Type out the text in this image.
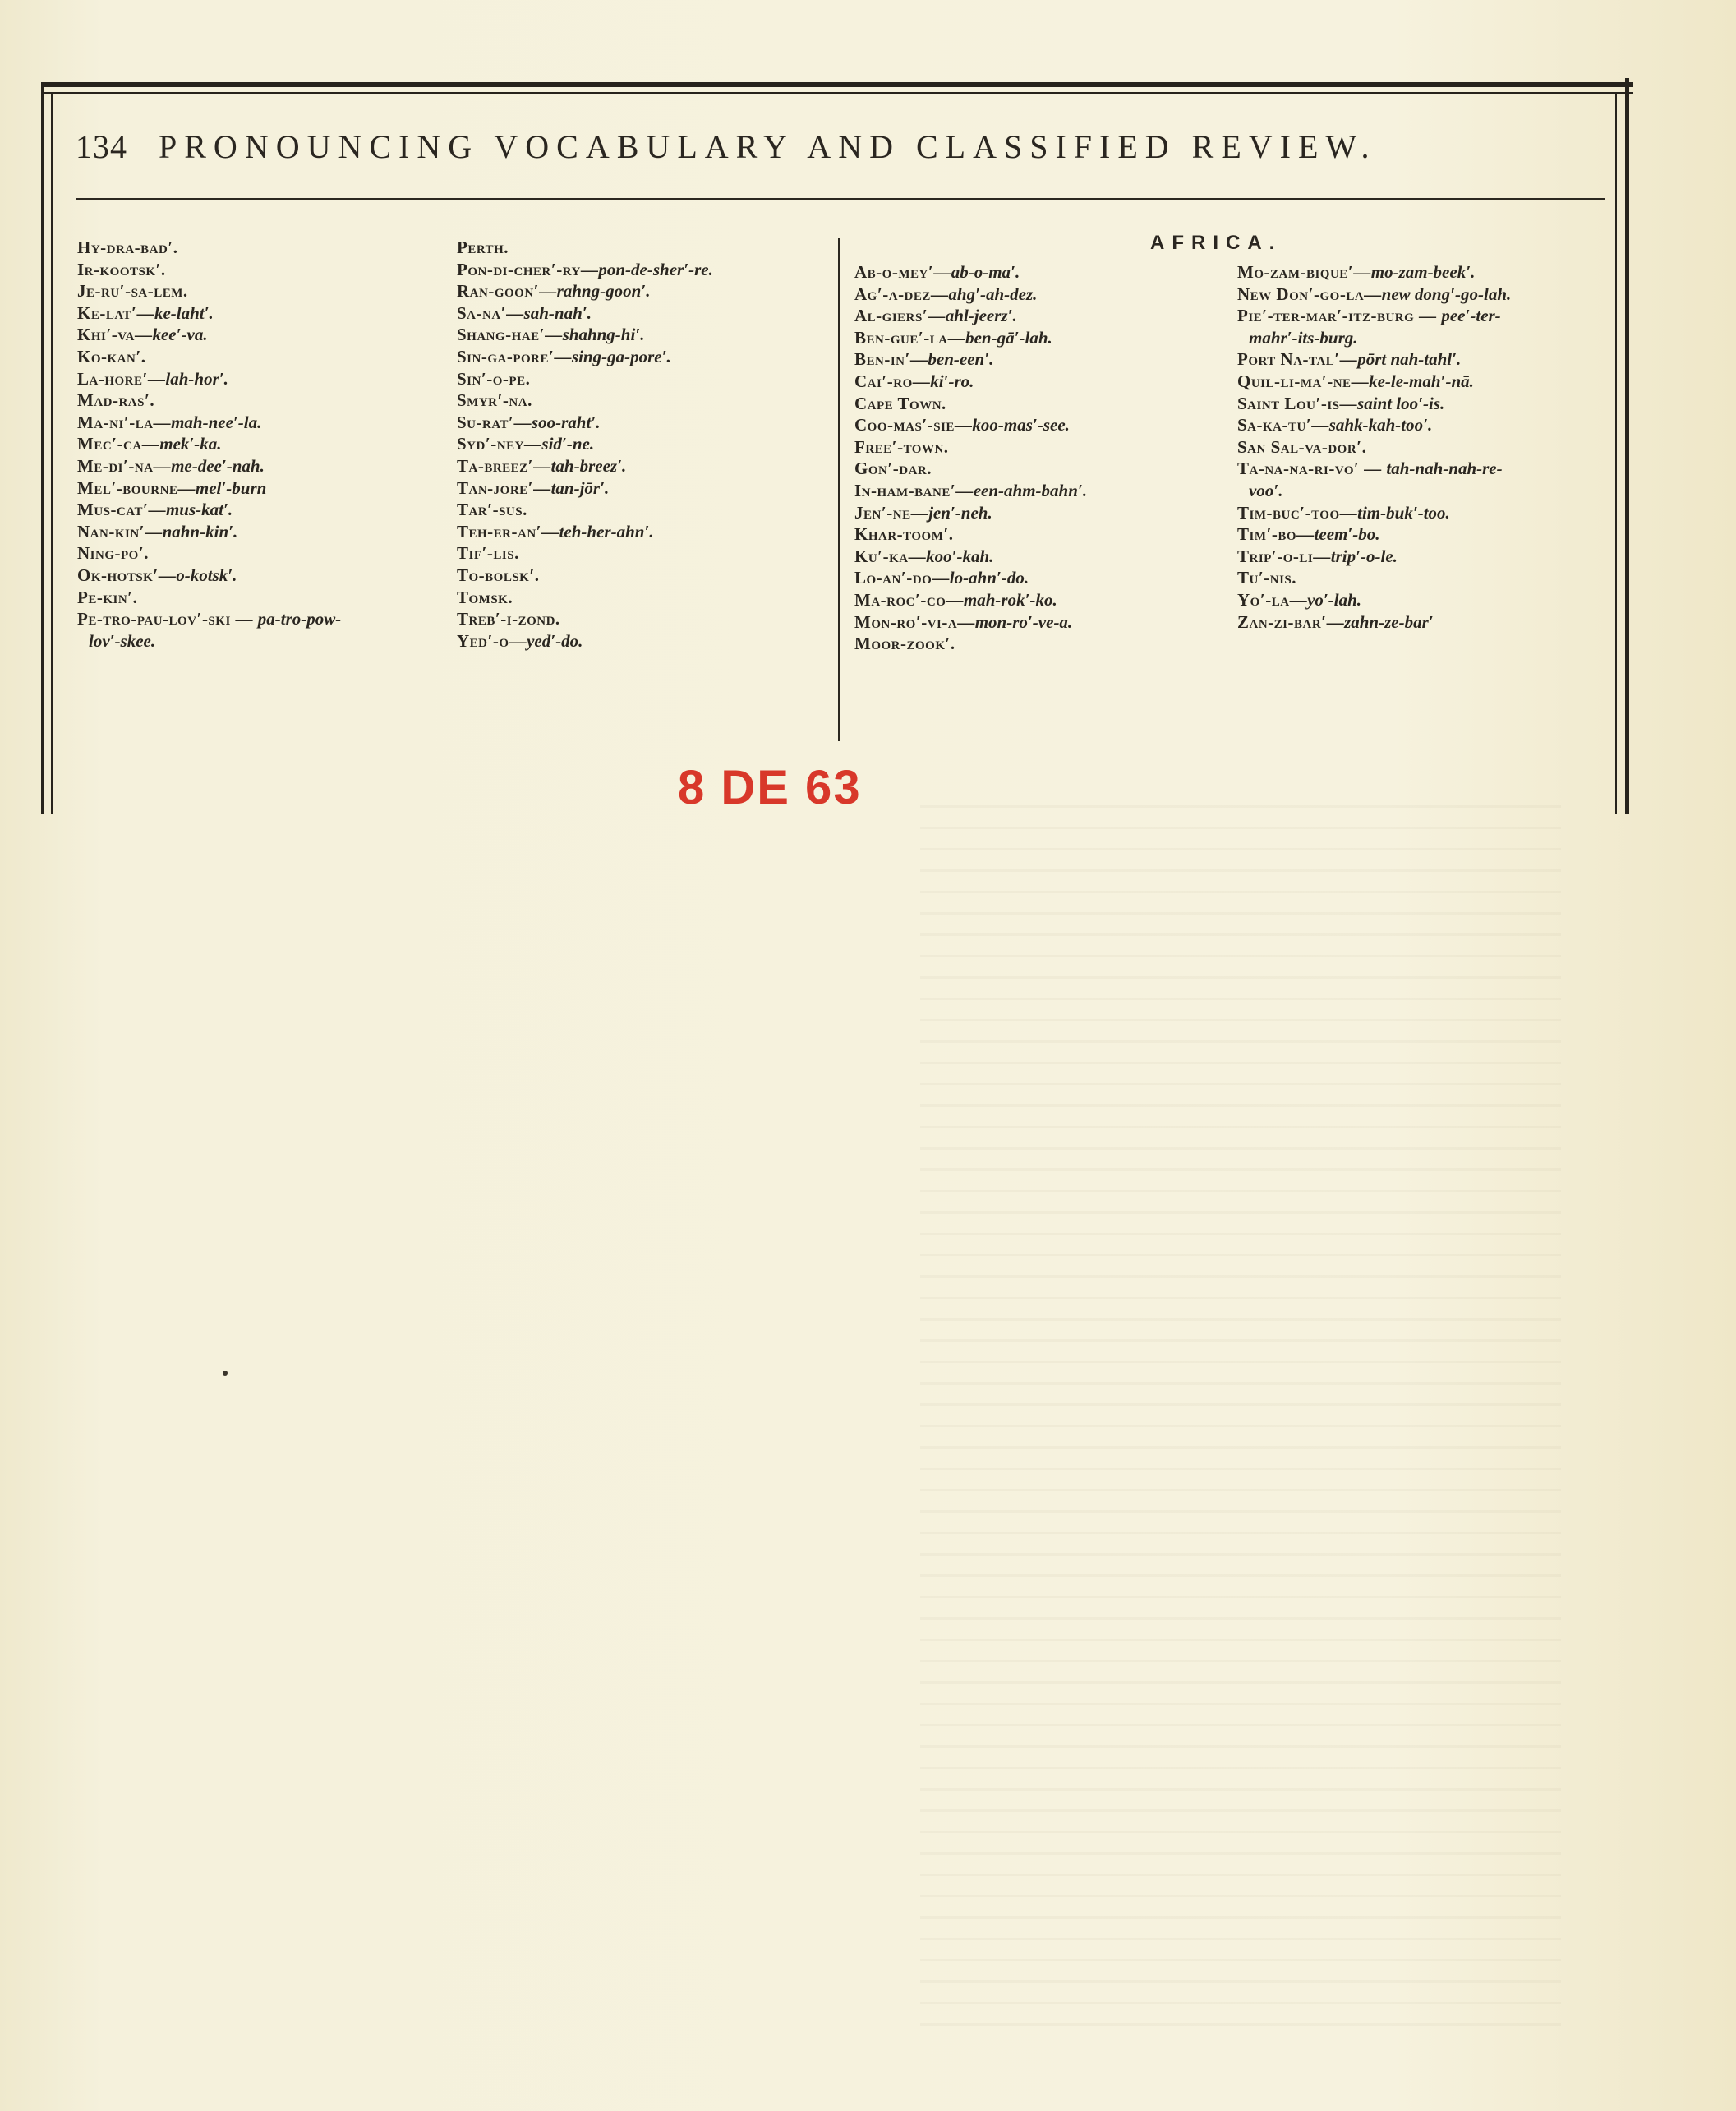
134 PRONOUNCING VOCABULARY AND CLASSIFIED REVIEW.
AFRICA.
Hy-dra-bad′.
Ir-kootsk′.
Je-ru′-sa-lem.
Ke-lat′—ke-laht′.
Khi′-va—kee′-va.
Ko-kan′.
La-hore′—lah-hor′.
Mad-ras′.
Ma-ni′-la—mah-nee′-la.
Mec′-ca—mek′-ka.
Me-di′-na—me-dee′-nah.
Mel′-bourne—mel′-burn
Mus-cat′—mus-kat′.
Nan-kin′—nahn-kin′.
Ning-po′.
Ok-hotsk′—o-kotsk′.
Pe-kin′.
Pe-tro-pau-lov′-ski — pa-tro-pow-
lov′-skee.
Perth.
Pon-di-cher′-ry—pon-de-sher′-re.
Ran-goon′—rahng-goon′.
Sa-na′—sah-nah′.
Shang-hae′—shahng-hi′.
Sin-ga-pore′—sing-ga-pore′.
Sin′-o-pe.
Smyr′-na.
Su-rat′—soo-raht′.
Syd′-ney—sid′-ne.
Ta-breez′—tah-breez′.
Tan-jore′—tan-jōr′.
Tar′-sus.
Teh-er-an′—teh-her-ahn′.
Tif′-lis.
To-bolsk′.
Tomsk.
Treb′-i-zond.
Yed′-o—yed′-do.
Ab-o-mey′—ab-o-ma′.
Ag′-a-dez—ahg′-ah-dez.
Al-giers′—ahl-jeerz′.
Ben-gue′-la—ben-gā′-lah.
Ben-in′—ben-een′.
Cai′-ro—ki′-ro.
Cape Town.
Coo-mas′-sie—koo-mas′-see.
Free′-town.
Gon′-dar.
In-ham-bane′—een-ahm-bahn′.
Jen′-ne—jen′-neh.
Khar-toom′.
Ku′-ka—koo′-kah.
Lo-an′-do—lo-ahn′-do.
Ma-roc′-co—mah-rok′-ko.
Mon-ro′-vi-a—mon-ro′-ve-a.
Moor-zook′.
Mo-zam-bique′—mo-zam-beek′.
New Don′-go-la—new dong′-go-lah.
Pie′-ter-mar′-itz-burg — pee′-ter-
mahr′-its-burg.
Port Na-tal′—pōrt nah-tahl′.
Quil-li-ma′-ne—ke-le-mah′-nā.
Saint Lou′-is—saint loo′-is.
Sa-ka-tu′—sahk-kah-too′.
San Sal-va-dor′.
Ta-na-na-ri-vo′ — tah-nah-nah-re-
voo′.
Tim-buc′-too—tim-buk′-too.
Tim′-bo—teem′-bo.
Trip′-o-li—trip′-o-le.
Tu′-nis.
Yo′-la—yo′-lah.
Zan-zi-bar′—zahn-ze-bar′
8 DE 63
